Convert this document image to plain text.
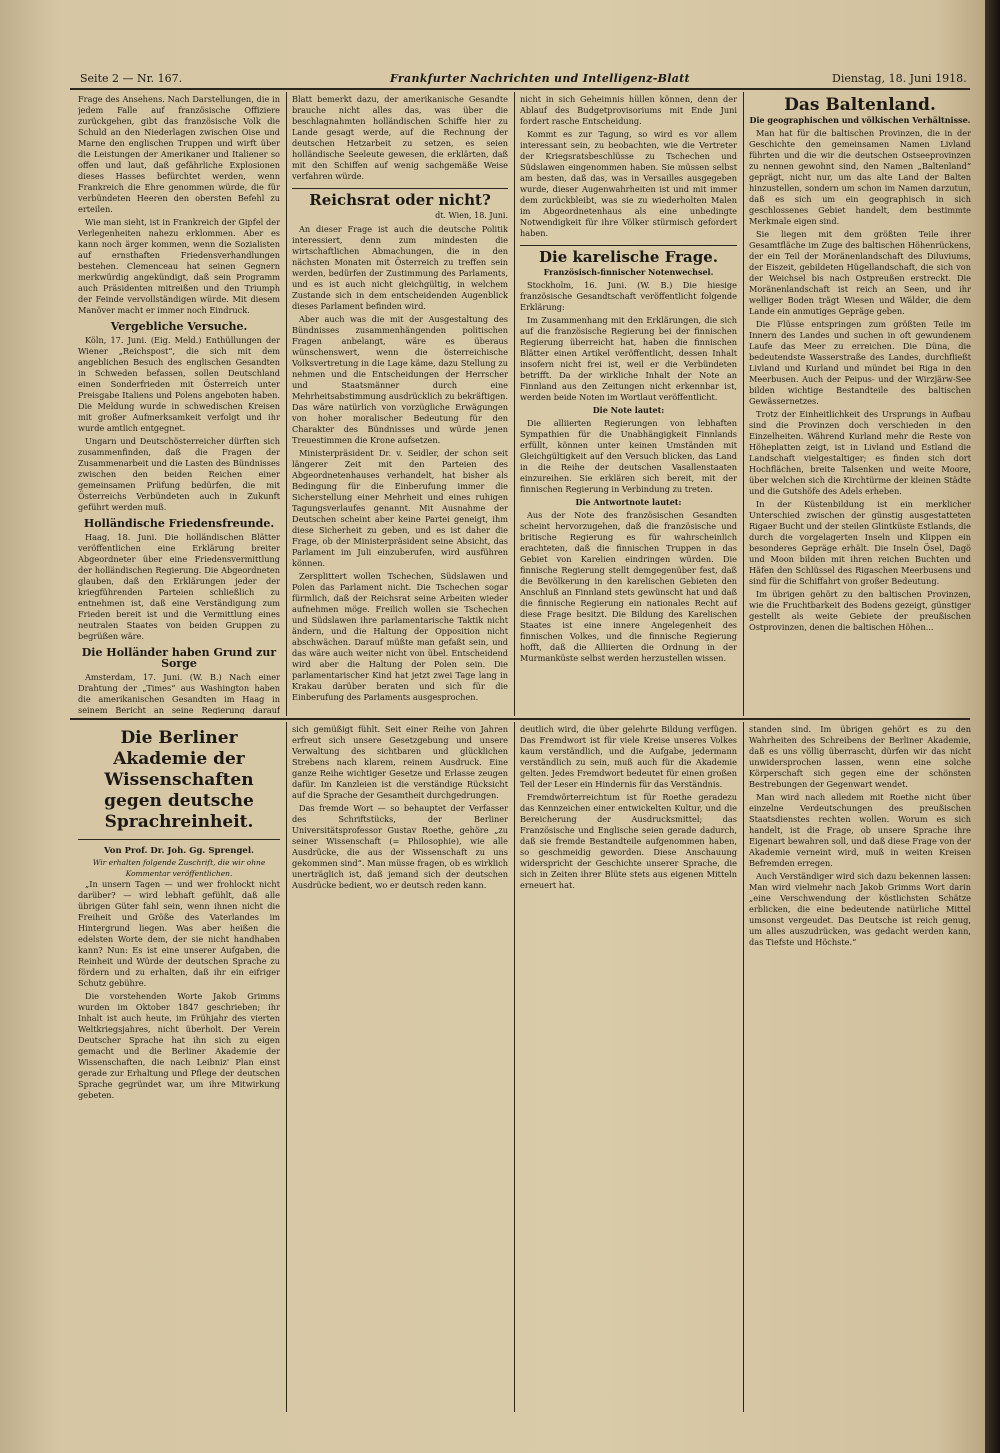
Seite 2 — Nr. 167.	Frankfurter Nachrichten und Intelligenz-Blatt	Dienstag, 18. Juni 1918.

Frage des Ansehens. Nach Darstellungen, die in jedem Falle auf französische Offiziere zurückgehen, gibt das französische Volk die Schuld an den Niederlagen zwischen Oise und Marne den englischen Truppen und wirft über die Leistungen der Amerikaner und Italiener so offen und laut, daß gefährliche Explosionen dieses Hasses befürchtet werden, wenn Frankreich die Ehre genommen würde, die für verbündeten Heeren den obersten Befehl zu erteilen.

Wie man sieht, ist in Frankreich der Gipfel der Verlegenheiten nahezu erklommen. Aber es kann noch ärger kommen, wenn die Sozialisten auf ernsthaften Friedensverhandlungen bestehen. Clemenceau hat seinen Gegnern merkwürdig angekündigt, daß sein Programm auch Präsidenten mitreißen und den Triumph der Feinde vervollständigen würde. Mit diesem Manöver macht er immer noch Eindruck.

Vergebliche Versuche.

Köln, 17. Juni. (Eig. Meld.) Enthüllungen der Wiener „Reichspost“, die sich mit dem angeblichen Besuch des englischen Gesandten in Schweden befassen, sollen Deutschland einen Sonderfrieden mit Österreich unter Preisgabe Italiens und Polens angeboten haben. Die Meldung wurde in schwedischen Kreisen mit großer Aufmerksamkeit verfolgt und ihr wurde amtlich entgegnet.

Ungarn und Deutschösterreicher dürften sich zusammenfinden, daß die Fragen der Zusammenarbeit und die Lasten des Bündnisses zwischen den beiden Reichen einer gemeinsamen Prüfung bedürfen, die mit Österreichs Verbündeten auch in Zukunft geführt werden muß.

Holländische Friedensfreunde.

Haag, 18. Juni. Die holländischen Blätter veröffentlichen eine Erklärung breiter Abgeordneter über eine Friedensvermittlung der holländischen Regierung. Die Abgeordneten glauben, daß den Erklärungen jeder der kriegführenden Parteien schließlich zu entnehmen ist, daß eine Verständigung zum Frieden bereit ist und die Vermittlung eines neutralen Staates von beiden Gruppen zu begrüßen wäre.

Die Holländer haben Grund zur Sorge

Amsterdam, 17. Juni. (W. B.) Nach einer Drahtung der „Times“ aus Washington haben die amerikanischen Gesandten im Haag in seinem Bericht an seine Regierung darauf

Blatt bemerkt dazu, der amerikanische Gesandte brauche nicht alles das, was über die beschlagnahmten holländischen Schiffe hier zu Lande gesagt werde, auf die Rechnung der deutschen Hetzarbeit zu setzen, es seien holländische Seeleute gewesen, die erklärten, daß mit den Schiffen auf wenig sachgemäße Weise verfahren würde.

Reichsrat oder nicht?
dt. Wien, 18. Juni.

An dieser Frage ist auch die deutsche Politik interessiert, denn zum mindesten die wirtschaftlichen Abmachungen, die in den nächsten Monaten mit Österreich zu treffen sein werden, bedürfen der Zustimmung des Parlaments, und es ist auch nicht gleichgültig, in welchem Zustande sich in dem entscheidenden Augenblick dieses Parlament befinden wird.

Aber auch was die mit der Ausgestaltung des Bündnisses zusammenhängenden politischen Fragen anbelangt, wäre es überaus wünschenswert, wenn die österreichische Volksvertretung in die Lage käme, dazu Stellung zu nehmen und die Entscheidungen der Herrscher und Staatsmänner durch eine Mehrheitsabstimmung ausdrücklich zu bekräftigen. Das wäre natürlich von vorzügliche Erwägungen von hoher moralischer Bedeutung für den Charakter des Bündnisses und würde jenen Treuestimmen die Krone aufsetzen.

Ministerpräsident Dr. v. Seidler, der schon seit längerer Zeit mit den Parteien des Abgeordnetenhauses verhandelt, hat bisher als Bedingung für die Einberufung immer die Sicherstellung einer Mehrheit und eines ruhigen Tagungsverlaufes genannt. Mit Ausnahme der Deutschen scheint aber keine Partei geneigt, ihm diese Sicherheit zu geben, und es ist daher die Frage, ob der Ministerpräsident seine Absicht, das Parlament im Juli einzuberufen, wird ausführen können.

Zersplittert wollen Tschechen, Südslawen und Polen das Parlament nicht. Die Tschechen sogar fürmlich, daß der Reichsrat seine Arbeiten wieder aufnehmen möge. Freilich wollen sie Tschechen und Südslawen ihre parlamentarische Taktik nicht ändern, und die Haltung der Opposition nicht abschwächen. Darauf müßte man gefaßt sein, und das wäre auch weiter nicht von übel. Entscheidend wird aber die Haltung der Polen sein. Die parlamentarischer Kind hat jetzt zwei Tage lang in Krakau darüber beraten und sich für die Einberufung des Parlaments ausgesprochen.

nicht in sich Geheimnis hüllen können, denn der Ablauf des Budgetprovisoriums mit Ende Juni fordert rasche Entscheidung.

Kommt es zur Tagung, so wird es vor allem interessant sein, zu beobachten, wie die Vertreter der Kriegsratsbeschlüsse zu Tschechen und Südslawen eingenommen haben. Sie müssen selbst am besten, daß das, was in Versailles ausgegeben wurde, dieser Augenwahrheiten ist und mit immer dem zurückbleibt, was sie zu wiederholten Malen im Abgeordnetenhaus als eine unbedingte Notwendigkeit für ihre Völker stürmisch gefordert haben.

Die karelische Frage.
Französisch-finnischer Notenwechsel.

Stockholm, 16. Juni. (W. B.) Die hiesige französische Gesandtschaft veröffentlicht folgende Erklärung:

Im Zusammenhang mit den Erklärungen, die sich auf die französische Regierung bei der finnischen Regierung überreicht hat, haben die finnischen Blätter einen Artikel veröffentlicht, dessen Inhalt insofern nicht frei ist, weil er die Verbündeten betrifft. Da der wirkliche Inhalt der Note an Finnland aus den Zeitungen nicht erkennbar ist, werden beide Noten im Wortlaut veröffentlicht.

Die Note lautet:

Die alliierten Regierungen von lebhaften Sympathien für die Unabhängigkeit Finnlands erfüllt, können unter keinen Umständen mit Gleichgültigkeit auf den Versuch blicken, das Land in die Reihe der deutschen Vasallenstaaten einzureihen. Sie erklären sich bereit, mit der finnischen Regierung in Verbindung zu treten.

Die Antwortnote lautet:

Aus der Note des französischen Gesandten scheint hervorzugehen, daß die französische und britische Regierung es für wahrscheinlich erachteten, daß die finnischen Truppen in das Gebiet von Karelien eindringen würden. Die finnische Regierung stellt demgegenüber fest, daß die Bevölkerung in den karelischen Gebieten den Anschluß an Finnland stets gewünscht hat und daß die finnische Regierung ein nationales Recht auf diese Frage besitzt. Die Bildung des Karelischen Staates ist eine innere Angelegenheit des finnischen Volkes, und die finnische Regierung hofft, daß die Alliierten die Ordnung in der Murmanküste selbst werden herzustellen wissen.

Das Baltenland.
Die geographischen und völkischen Verhältnisse.

Man hat für die baltischen Provinzen, die in der Geschichte den gemeinsamen Namen Livland führten und die wir die deutschen Ostseeprovinzen zu nennen gewohnt sind, den Namen „Baltenland“ geprägt, nicht nur, um das alte Land der Balten hinzustellen, sondern um schon im Namen darzutun, daß es sich um ein geographisch in sich geschlossenes Gebiet handelt, dem bestimmte Merkmale eigen sind.

Sie liegen mit dem größten Teile ihrer Gesamtfläche im Zuge des baltischen Höhenrückens, der ein Teil der Moränenlandschaft des Diluviums, der Eiszeit, gebildeten Hügellandschaft, die sich von der Weichsel bis nach Ostpreußen erstreckt. Die Moränenlandschaft ist reich an Seen, und ihr welliger Boden trägt Wiesen und Wälder, die dem Lande ein anmutiges Gepräge geben.

Die Flüsse entspringen zum größten Teile im Innern des Landes und suchen in oft gewundenem Laufe das Meer zu erreichen. Die Düna, die bedeutendste Wasserstraße des Landes, durchfließt Livland und Kurland und mündet bei Riga in den Meerbusen. Auch der Peipus- und der Wirzjärw-See bilden wichtige Bestandteile des baltischen Gewässernetzes.

Trotz der Einheitlichkeit des Ursprungs in Aufbau sind die Provinzen doch verschieden in den Einzelheiten. Während Kurland mehr die Reste von Höheplatten zeigt, ist in Livland und Estland die Landschaft vielgestaltiger; es finden sich dort Hochflächen, breite Talsenken und weite Moore, über welchen sich die Kirchtürme der kleinen Städte und die Gutshöfe des Adels erheben.

In der Küstenbildung ist ein merklicher Unterschied zwischen der günstig ausgestatteten Rigaer Bucht und der steilen Glintküste Estlands, die durch die vorgelagerten Inseln und Klippen ein besonderes Gepräge erhält. Die Inseln Ösel, Dagö und Moon bilden mit ihren reichen Buchten und Häfen den Schlüssel des Rigaschen Meerbusens und sind für die Schiffahrt von großer Bedeutung.

Im übrigen gehört zu den baltischen Provinzen, wie die Fruchtbarkeit des Bodens gezeigt, günstiger gestellt als weite Gebiete der preußischen Ostprovinzen, denen die baltischen Höhen...

Die Berliner Akademie der Wissenschaften gegen deutsche Sprachreinheit.
Von Prof. Dr. Joh. Gg. Sprengel.
Wir erhalten folgende Zuschrift, die wir ohne Kommentar veröffentlichen.

„In unsern Tagen — und wer frohlockt nicht darüber? — wird lebhaft gefühlt, daß alle übrigen Güter fahl sein, wenn ihnen nicht die Freiheit und Größe des Vaterlandes im Hintergrund liegen. Was aber heißen die edelsten Worte dem, der sie nicht handhaben kann? Nun: Es ist eine unserer Aufgaben, die Reinheit und Würde der deutschen Sprache zu fördern und zu erhalten, daß ihr ein eifriger Schutz gebühre.

Die vorstehenden Worte Jakob Grimms wurden im Oktober 1847 geschrieben; ihr Inhalt ist auch heute, im Frühjahr des vierten Weltkriegsjahres, nicht überholt. Der Verein Deutscher Sprache hat ihn sich zu eigen gemacht und die Berliner Akademie der Wissenschaften, die nach Leibniz' Plan einst gerade zur Erhaltung und Pflege der deutschen Sprache gegründet war, um ihre Mitwirkung gebeten.

sich gemüßigt fühlt. Seit einer Reihe von Jahren erfreut sich unsere Gesetzgebung und unsere Verwaltung des sichtbaren und glücklichen Strebens nach klarem, reinem Ausdruck. Eine ganze Reihe wichtiger Gesetze und Erlasse zeugen dafür. Im Kanzleien ist die verständige Rücksicht auf die Sprache der Gesamtheit durchgedrungen.

Das fremde Wort — so behauptet der Verfasser des Schriftstücks, der Berliner Universitätsprofessor Gustav Roethe, gehöre „zu seiner Wissenschaft (= Philosophie), wie alle Ausdrücke, die aus der Wissenschaft zu uns gekommen sind“. Man müsse fragen, ob es wirklich unerträglich ist, daß jemand sich der deutschen Ausdrücke bedient, wo er deutsch reden kann.

deutlich wird, die über gelehrte Bildung verfügen. Das Fremdwort ist für viele Kreise unseres Volkes kaum verständlich, und die Aufgabe, jedermann verständlich zu sein, muß auch für die Akademie gelten. Jedes Fremdwort bedeutet für einen großen Teil der Leser ein Hindernis für das Verständnis.

Fremdwörterreichtum ist für Roethe geradezu das Kennzeichen einer entwickelten Kultur, und die Bereicherung der Ausdrucksmittel; das Französische und Englische seien gerade dadurch, daß sie fremde Bestandteile aufgenommen haben, so geschmeidig geworden. Diese Anschauung widerspricht der Geschichte unserer Sprache, die sich in Zeiten ihrer Blüte stets aus eigenen Mitteln erneuert hat.

standen sind. Im übrigen gehört es zu den Wahrheiten des Schreibens der Berliner Akademie, daß es uns völlig überrascht, dürfen wir das nicht unwidersprochen lassen, wenn eine solche Körperschaft sich gegen eine der schönsten Bestrebungen der Gegenwart wendet.

Man wird nach alledem mit Roethe nicht über einzelne Verdeutschungen des preußischen Staatsdienstes rechten wollen. Worum es sich handelt, ist die Frage, ob unsere Sprache ihre Eigenart bewahren soll, und daß diese Frage von der Akademie verneint wird, muß in weiten Kreisen Befremden erregen.

Auch Verständiger wird sich dazu bekennen lassen: Man wird vielmehr nach Jakob Grimms Wort darin „eine Verschwendung der köstlichsten Schätze erblicken, die eine bedeutende natürliche Mittel umsonst vergeudet. Das Deutsche ist reich genug, um alles auszudrücken, was gedacht werden kann, das Tiefste und Höchste.“
